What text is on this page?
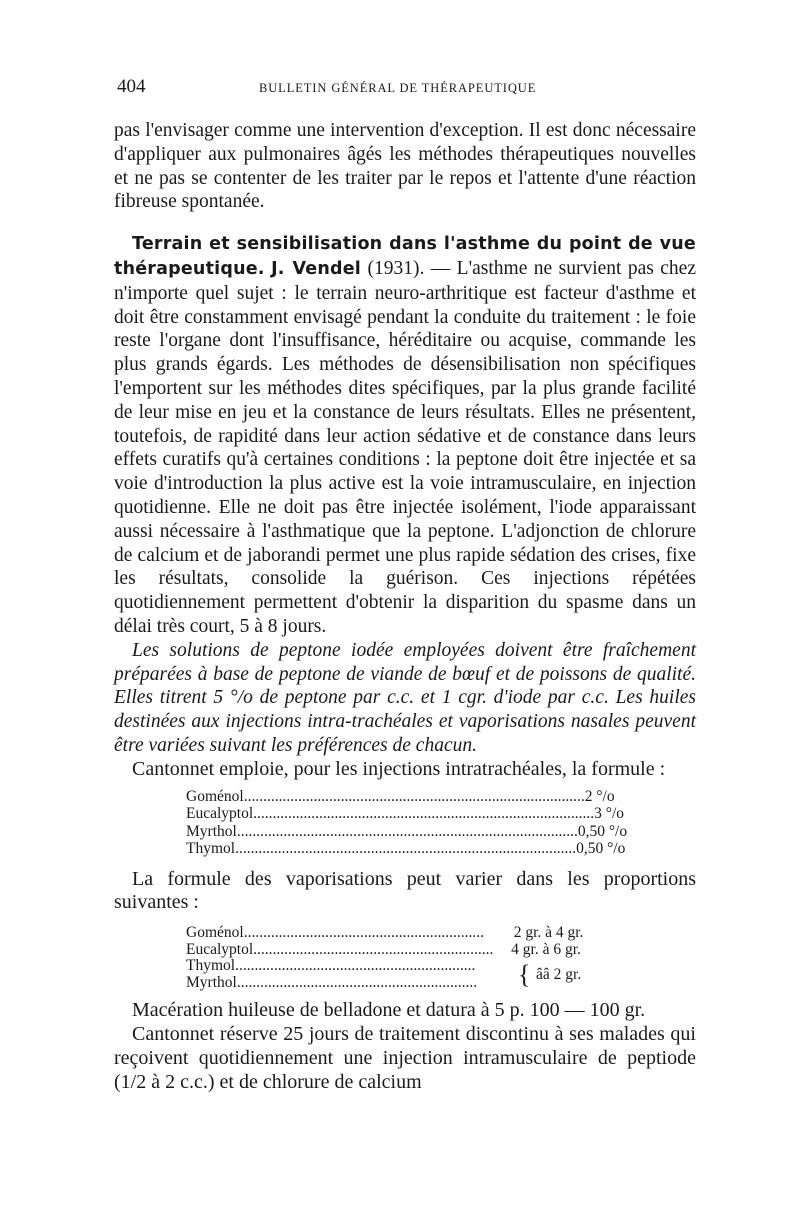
404	BULLETIN GÉNÉRAL DE THÉRAPEUTIQUE

pas l'envisager comme une intervention d'exception. Il est donc nécessaire d'appliquer aux pulmonaires âgés les méthodes thérapeutiques nouvelles et ne pas se contenter de les traiter par le repos et l'attente d'une réaction fibreuse spontanée.

Terrain et sensibilisation dans l'asthme du point de vue thérapeutique. J. Vendel (1931). — L'asthme ne survient pas chez n'importe quel sujet : le terrain neuro-arthritique est facteur d'asthme et doit être constamment envisagé pendant la conduite du traitement : le foie reste l'organe dont l'insuffisance, héréditaire ou acquise, commande les plus grands égards. Les méthodes de désensibilisation non spécifiques l'emportent sur les méthodes dites spécifiques, par la plus grande facilité de leur mise en jeu et la constance de leurs résultats. Elles ne présentent, toutefois, de rapidité dans leur action sédative et de constance dans leurs effets curatifs qu'à certaines conditions : la peptone doit être injectée et sa voie d'introduction la plus active est la voie intramusculaire, en injection quotidienne. Elle ne doit pas être injectée isolément, l'iode apparaissant aussi nécessaire à l'asthmatique que la peptone. L'adjonction de chlorure de calcium et de jaborandi permet une plus rapide sédation des crises, fixe les résultats, consolide la guérison. Ces injections répétées quotidiennement permettent d'obtenir la disparition du spasme dans un délai très court, 5 à 8 jours.

Les solutions de peptone iodée employées doivent être fraîchement préparées à base de peptone de viande de bœuf et de poissons de qualité. Elles titrent 5 °/o de peptone par c.c. et 1 cgr. d'iode par c.c. Les huiles destinées aux injections intra-trachéales et vaporisations nasales peuvent être variées suivant les préférences de chacun.

Cantonnet emploie, pour les injections intratrachéales, la formule :

Goménol ........................................................................................ 2 °/o
Eucalyptol ........................................................................................ 3 °/o
Myrthol ........................................................................................ 0,50 °/o
Thymol ........................................................................................ 0,50 °/o

La formule des vaporisations peut varier dans les proportions suivantes :

Goménol ..............................................................	2 gr. à 4 gr.
Eucalyptol ..............................................................	4 gr. à 6 gr.
Thymol ..............................................................
Myrthol ..............................................................	{ ââ 2 gr.

Macération huileuse de belladone et datura à 5 p. 100 — 100 gr.

Cantonnet réserve 25 jours de traitement discontinu à ses malades qui reçoivent quotidiennement une injection intramusculaire de peptiode (1/2 à 2 c.c.) et de chlorure de calcium
